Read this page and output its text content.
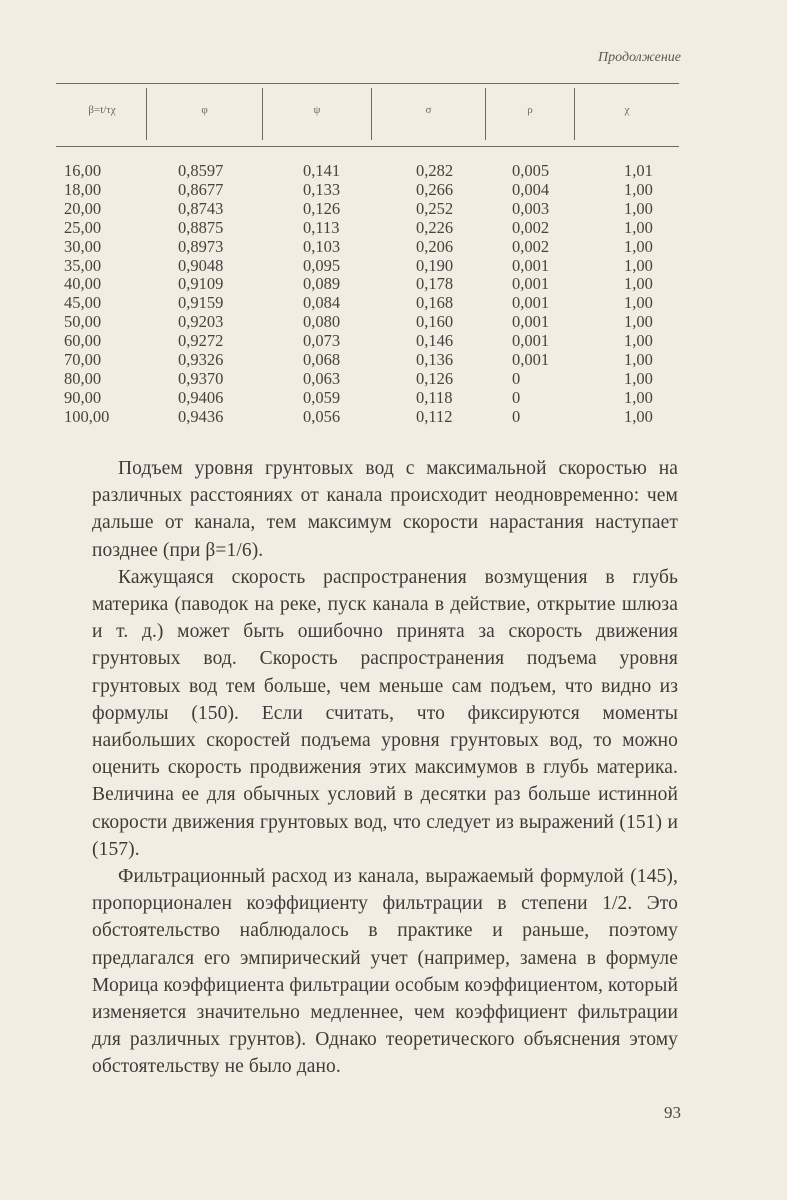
Продолжение
β=t/τχ	φ	ψ	σ	ρ	χ
16,00	0,8597	0,141	0,282	0,005	1,01
18,00	0,8677	0,133	0,266	0,004	1,00
20,00	0,8743	0,126	0,252	0,003	1,00
25,00	0,8875	0,113	0,226	0,002	1,00
30,00	0,8973	0,103	0,206	0,002	1,00
35,00	0,9048	0,095	0,190	0,001	1,00
40,00	0,9109	0,089	0,178	0,001	1,00
45,00	0,9159	0,084	0,168	0,001	1,00
50,00	0,9203	0,080	0,160	0,001	1,00
60,00	0,9272	0,073	0,146	0,001	1,00
70,00	0,9326	0,068	0,136	0,001	1,00
80,00	0,9370	0,063	0,126	0	1,00
90,00	0,9406	0,059	0,118	0	1,00
100,00	0,9436	0,056	0,112	0	1,00

Подъем уровня грунтовых вод с максимальной скоростью на различных расстояниях от канала происходит неодновременно: чем дальше от канала, тем максимум скорости нарастания наступает позднее (при β=1/6).

Кажущаяся скорость распространения возмущения в глубь материка (паводок на реке, пуск канала в действие, открытие шлюза и т. д.) может быть ошибочно принята за скорость движения грунтовых вод. Скорость распространения подъема уровня грунтовых вод тем больше, чем меньше сам подъем, что видно из формулы (150). Если считать, что фиксируются моменты наибольших скоростей подъема уровня грунтовых вод, то можно оценить скорость продвижения этих максимумов в глубь материка. Величина ее для обычных условий в десятки раз больше истинной скорости движения грунтовых вод, что следует из выражений (151) и (157).

Фильтрационный расход из канала, выражаемый формулой (145), пропорционален коэффициенту фильтрации в степени 1/2. Это обстоятельство наблюдалось в практике и раньше, поэтому предлагался его эмпирический учет (например, замена в формуле Морица коэффициента фильтрации особым коэффициентом, который изменяется значительно медленнее, чем коэффициент фильтрации для различных грунтов). Однако теоретического объяснения этому обстоятельству не было дано.

93
